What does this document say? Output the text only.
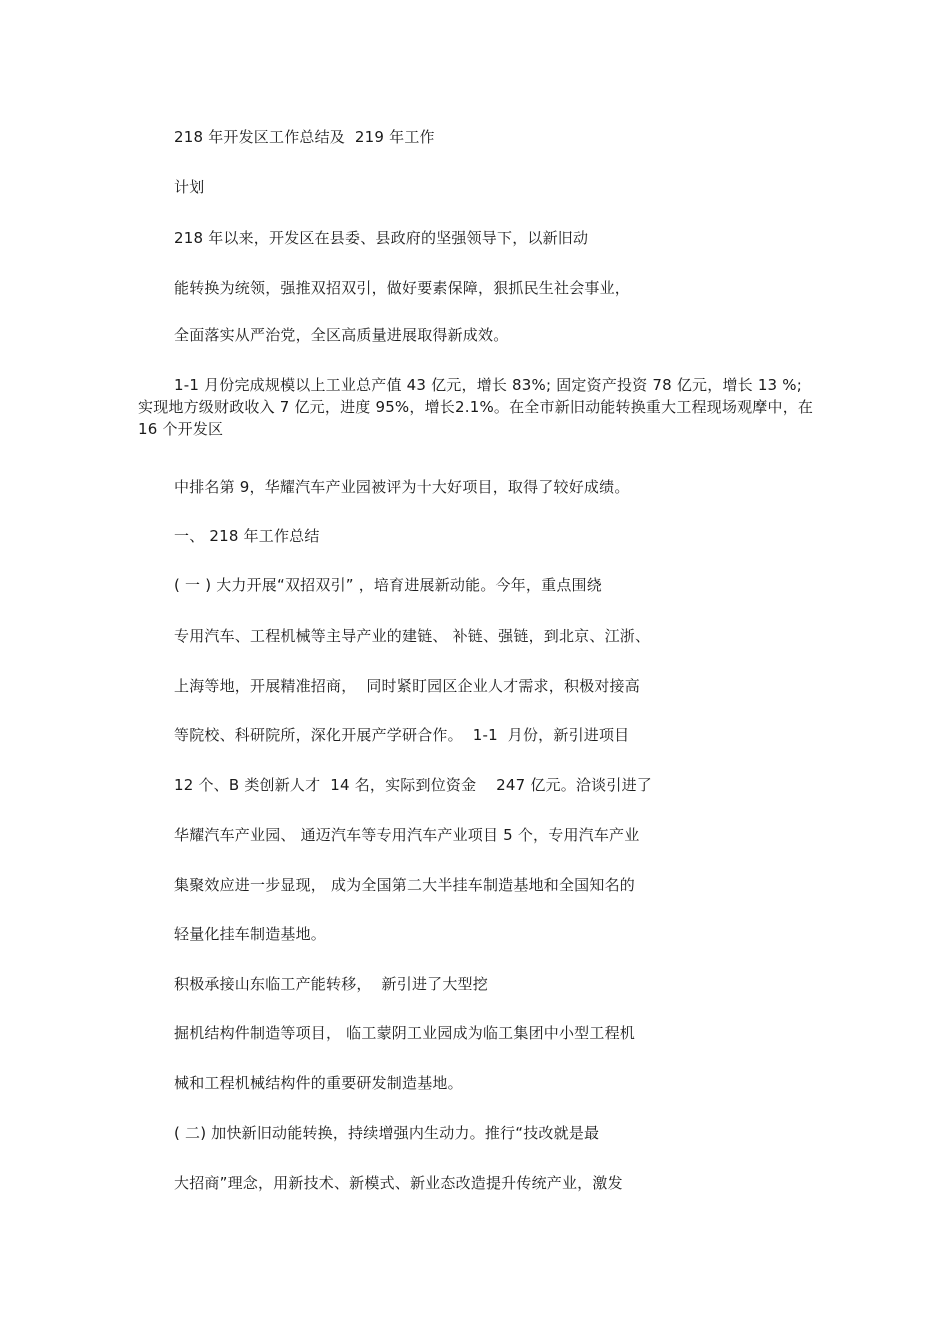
218 年开发区工作总结及  219 年工作
计划
218 年以来，开发区在县委、县政府的坚强领导下，以新旧动
能转换为统领，强推双招双引，做好要素保障，狠抓民生社会事业，
全面落实从严治党，全区高质量进展取得新成效。
1-1 月份完成规模以上工业总产值 43 亿元，增长 83%; 固定资产投资 78 亿元，增长 13 %; 实现地方级财政收入 7 亿元，进度 95%，增长2.1%。在全市新旧动能转换重大工程现场观摩中，在 16 个开发区
中排名第 9，华耀汽车产业园被评为十大好项目，取得了较好成绩。
一、 218 年工作总结
( 一 ) 大力开展“双招双引” ，培育进展新动能。今年，重点围绕
专用汽车、工程机械等主导产业的建链、 补链、强链，到北京、江浙、
上海等地，开展精准招商，  同时紧盯园区企业人才需求，积极对接高
等院校、科研院所，深化开展产学研合作。  1-1  月份，新引进项目
12 个、B 类创新人才  14 名，实际到位资金    247 亿元。洽谈引进了
华耀汽车产业园、 通迈汽车等专用汽车产业项目 5 个，专用汽车产业
集聚效应进一步显现， 成为全国第二大半挂车制造基地和全国知名的
轻量化挂车制造基地。
积极承接山东临工产能转移，  新引进了大型挖
掘机结构件制造等项目， 临工蒙阴工业园成为临工集团中小型工程机
械和工程机械结构件的重要研发制造基地。
( 二) 加快新旧动能转换，持续增强内生动力。推行“技改就是最
大招商”理念，用新技术、新模式、新业态改造提升传统产业，激发
